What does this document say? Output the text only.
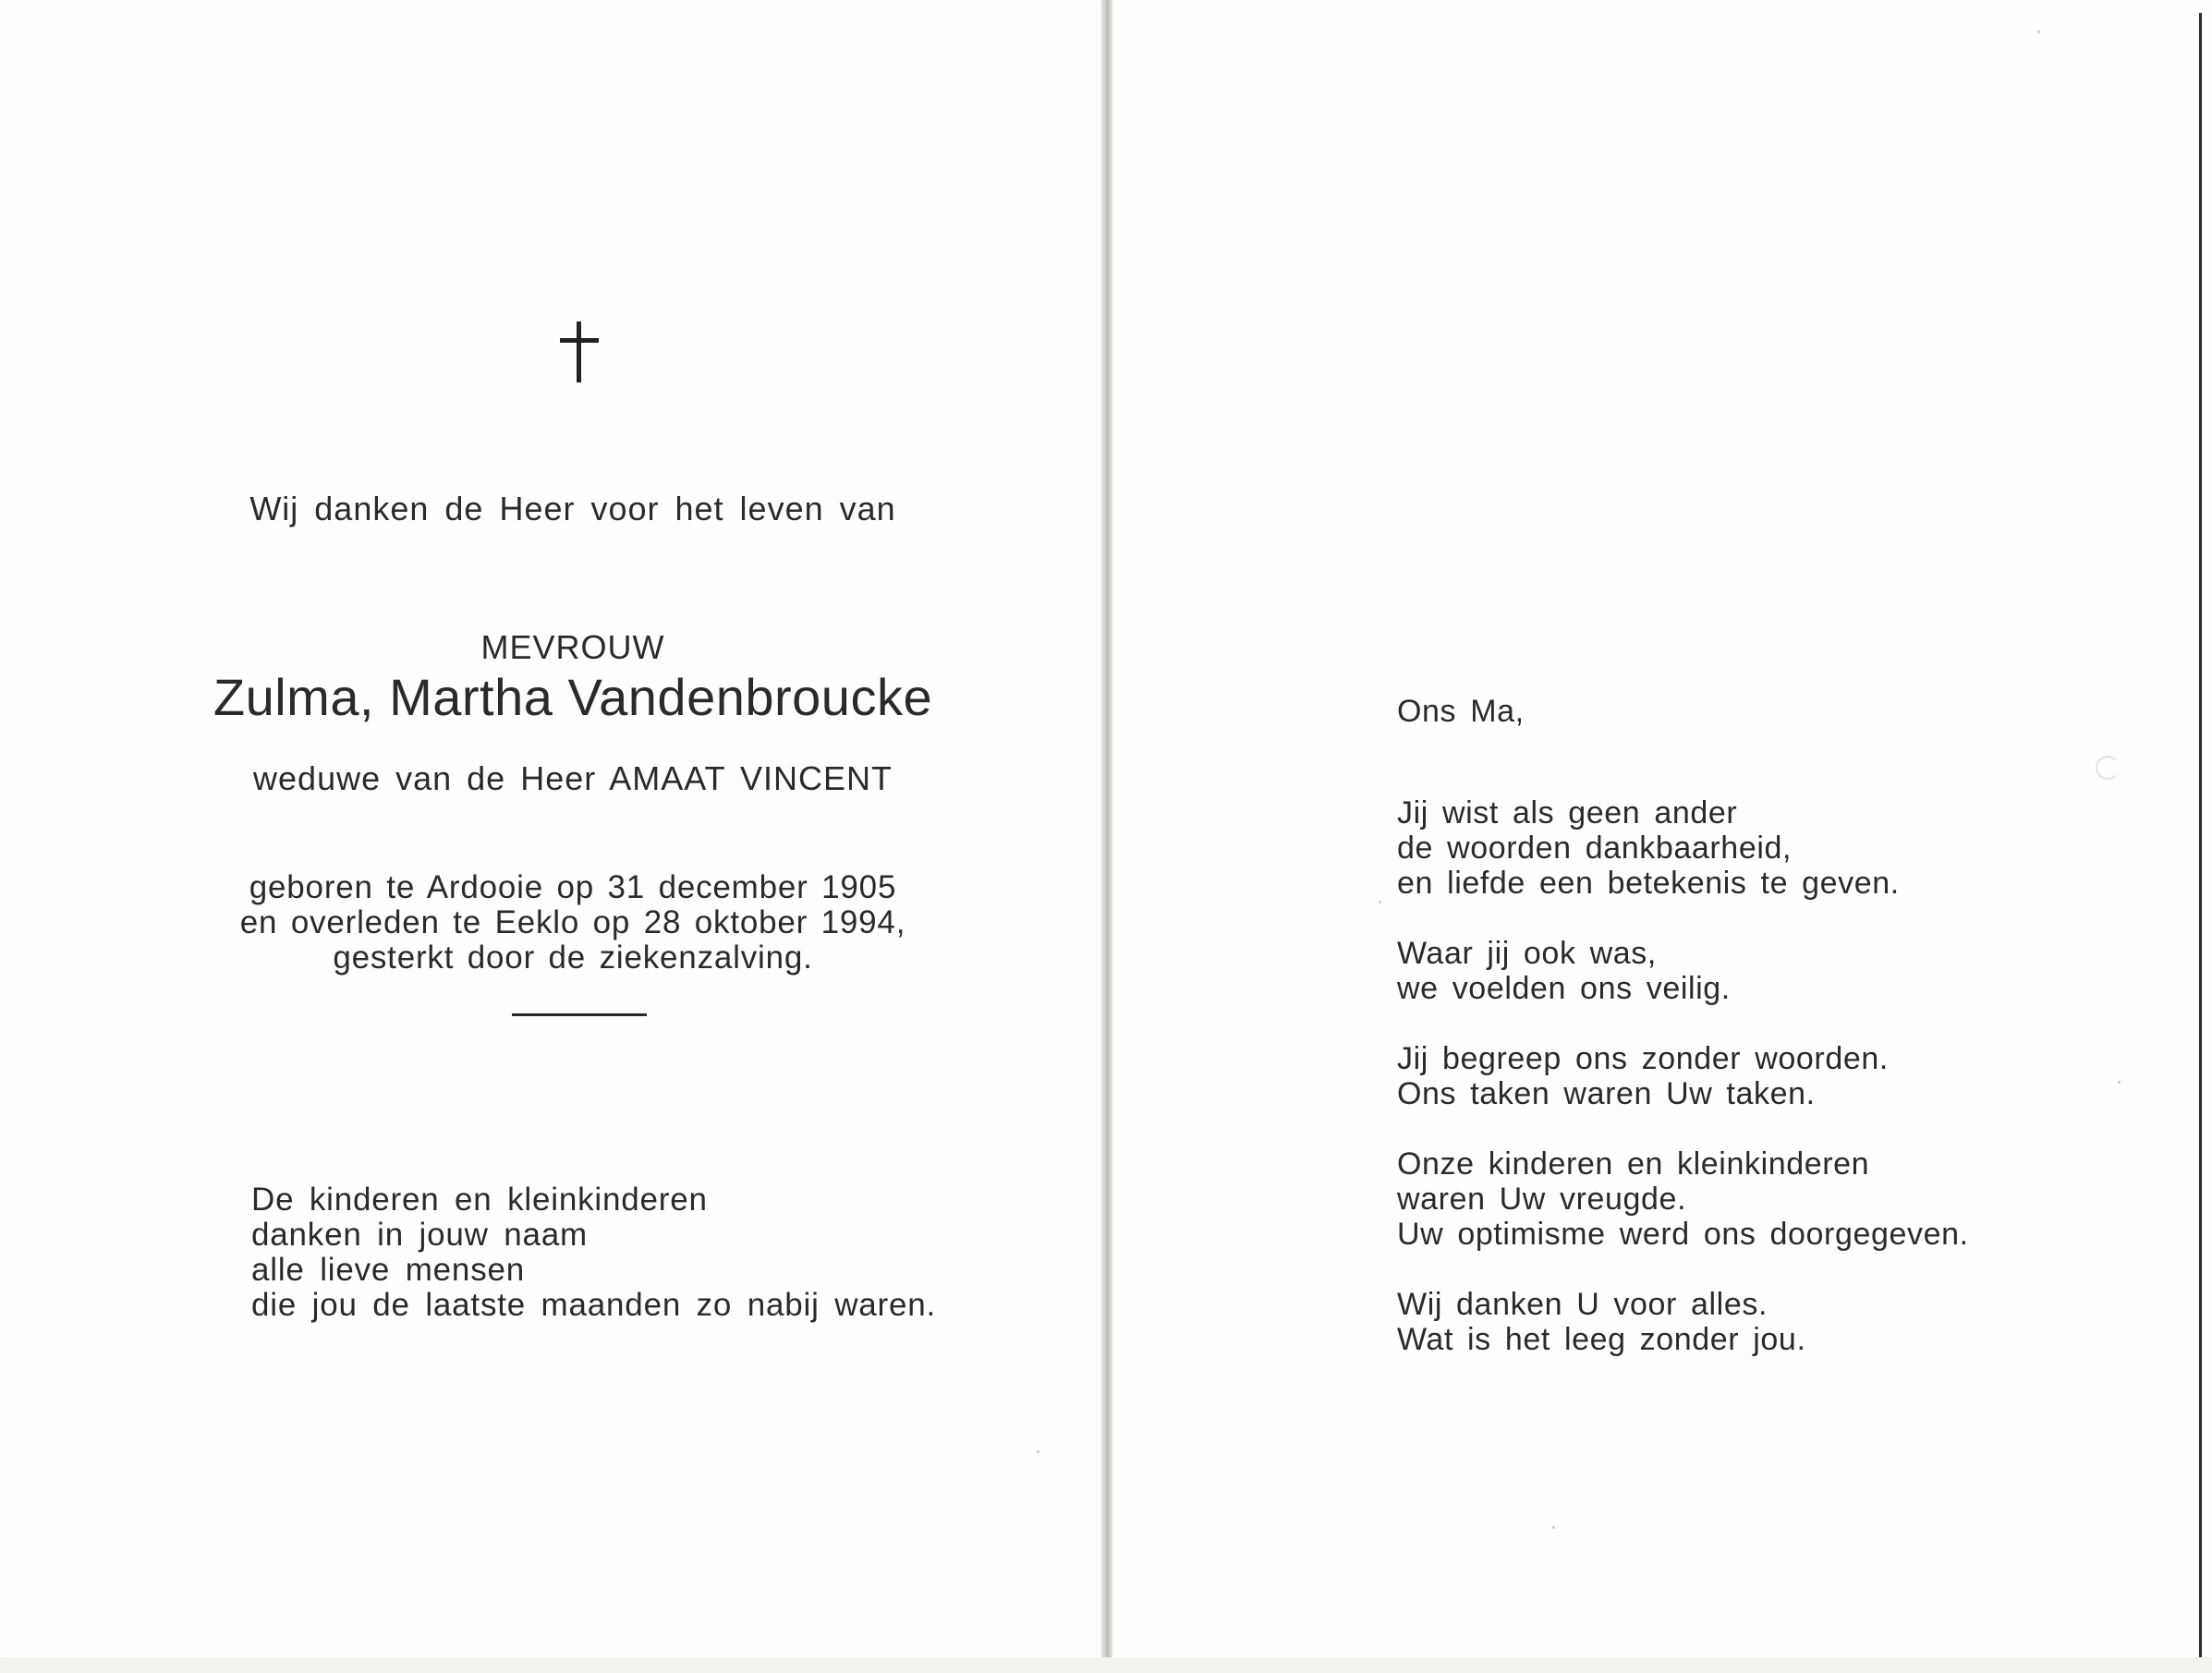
Wij danken de Heer voor het leven van
MEVROUW
Zulma, Martha Vandenbroucke
weduwe van de Heer AMAAT VINCENT
geboren te Ardooie op 31 december 1905
en overleden te Eeklo op 28 oktober 1994,
gesterkt door de ziekenzalving.
De kinderen en kleinkinderen
danken in jouw naam
alle lieve mensen
die jou de laatste maanden zo nabij waren.
Ons Ma,
Jij wist als geen ander
de woorden dankbaarheid,
en liefde een betekenis te geven.
Waar jij ook was,
we voelden ons veilig.
Jij begreep ons zonder woorden.
Ons taken waren Uw taken.
Onze kinderen en kleinkinderen
waren Uw vreugde.
Uw optimisme werd ons doorgegeven.
Wij danken U voor alles.
Wat is het leeg zonder jou.
